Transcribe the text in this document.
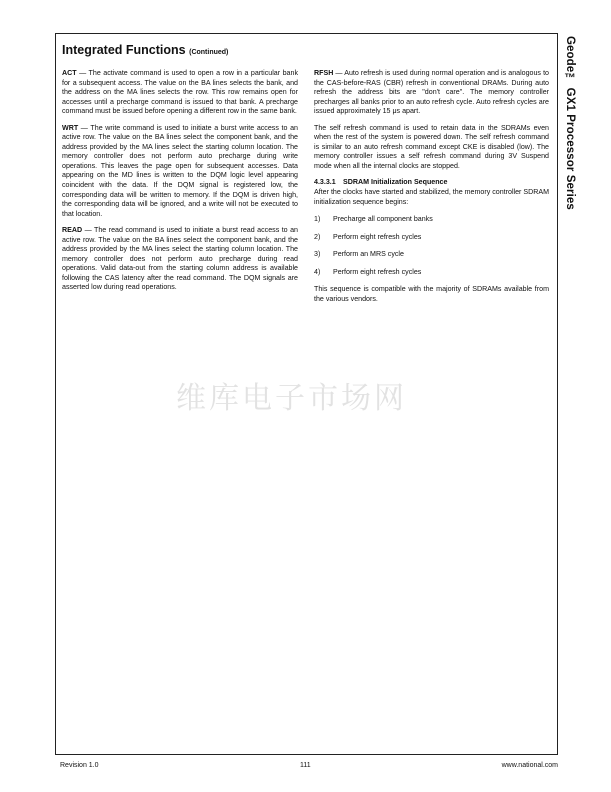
Integrated Functions (Continued)

ACT — The activate command is used to open a row in a particular bank for a subsequent access. The value on the BA lines selects the bank, and the address on the MA lines selects the row. This row remains open for accesses until a precharge command is issued to that bank. A precharge command must be issued before opening a different row in the same bank.

WRT — The write command is used to initiate a burst write access to an active row. The value on the BA lines select the component bank, and the address provided by the MA lines select the starting column location. The memory controller does not perform auto precharge during write operations. This leaves the page open for subsequent accesses. Data appearing on the MD lines is written to the DQM logic level appearing coincident with the data. If the DQM signal is registered low, the corresponding data will be written to memory. If the DQM is driven high, the corresponding data will be ignored, and a write will not be executed to that location.

READ — The read command is used to initiate a burst read access to an active row. The value on the BA lines select the component bank, and the address provided by the MA lines select the starting column location. The memory controller does not perform auto precharge during read operations. Valid data-out from the starting column address is available following the CAS latency after the read command. The DQM signals are asserted low during read operations.

RFSH — Auto refresh is used during normal operation and is analogous to the CAS-before-RAS (CBR) refresh in conventional DRAMs. During auto refresh the address bits are "don't care". The memory controller precharges all banks prior to an auto refresh cycle. Auto refresh cycles are issued approximately 15 μs apart.

The self refresh command is used to retain data in the SDRAMs even when the rest of the system is powered down. The self refresh command is similar to an auto refresh command except CKE is disabled (low). The memory controller issues a self refresh command during 3V Suspend mode when all the internal clocks are stopped.

4.3.3.1 SDRAM Initialization Sequence

After the clocks have started and stabilized, the memory controller SDRAM initialization sequence begins:

1)	Precharge all component banks
2)	Perform eight refresh cycles
3)	Perform an MRS cycle
4)	Perform eight refresh cycles

This sequence is compatible with the majority of SDRAMs available from the various vendors.

维库电子市场网
Geode™ GX1 Processor Series
Revision 1.0	111	www.national.com
